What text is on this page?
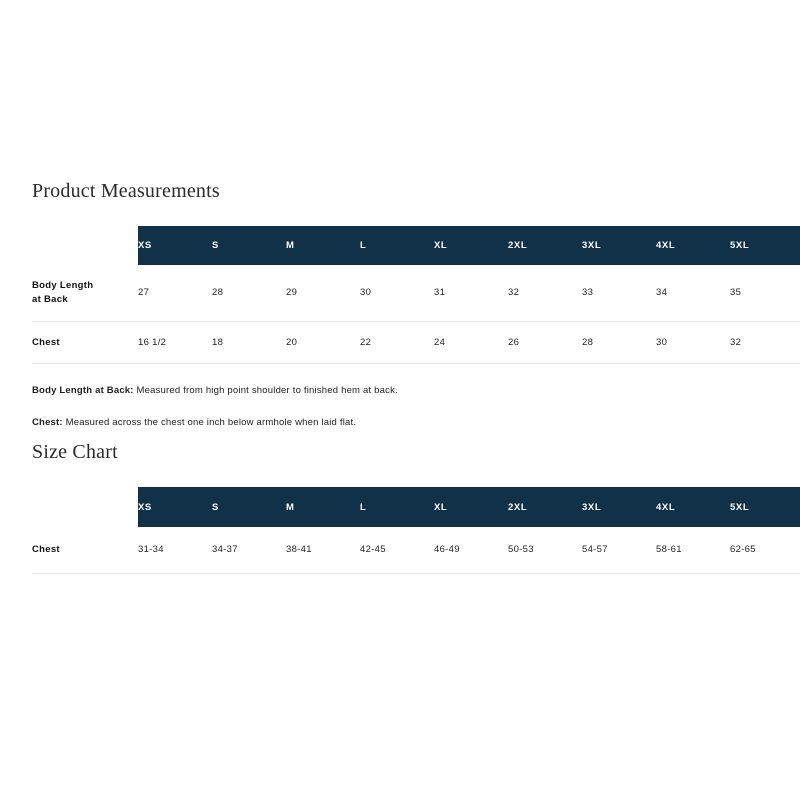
Product Measurements
	XS	S	M	L	XL	2XL	3XL	4XL	5XL
Body Length
at Back	27	28	29	30	31	32	33	34	35
Chest	16 1/2	18	20	22	24	26	28	30	32

Body Length at Back: Measured from high point shoulder to finished hem at back.

Chest: Measured across the chest one inch below armhole when laid flat.

Size Chart
	XS	S	M	L	XL	2XL	3XL	4XL	5XL
Chest	31-34	34-37	38-41	42-45	46-49	50-53	54-57	58-61	62-65
